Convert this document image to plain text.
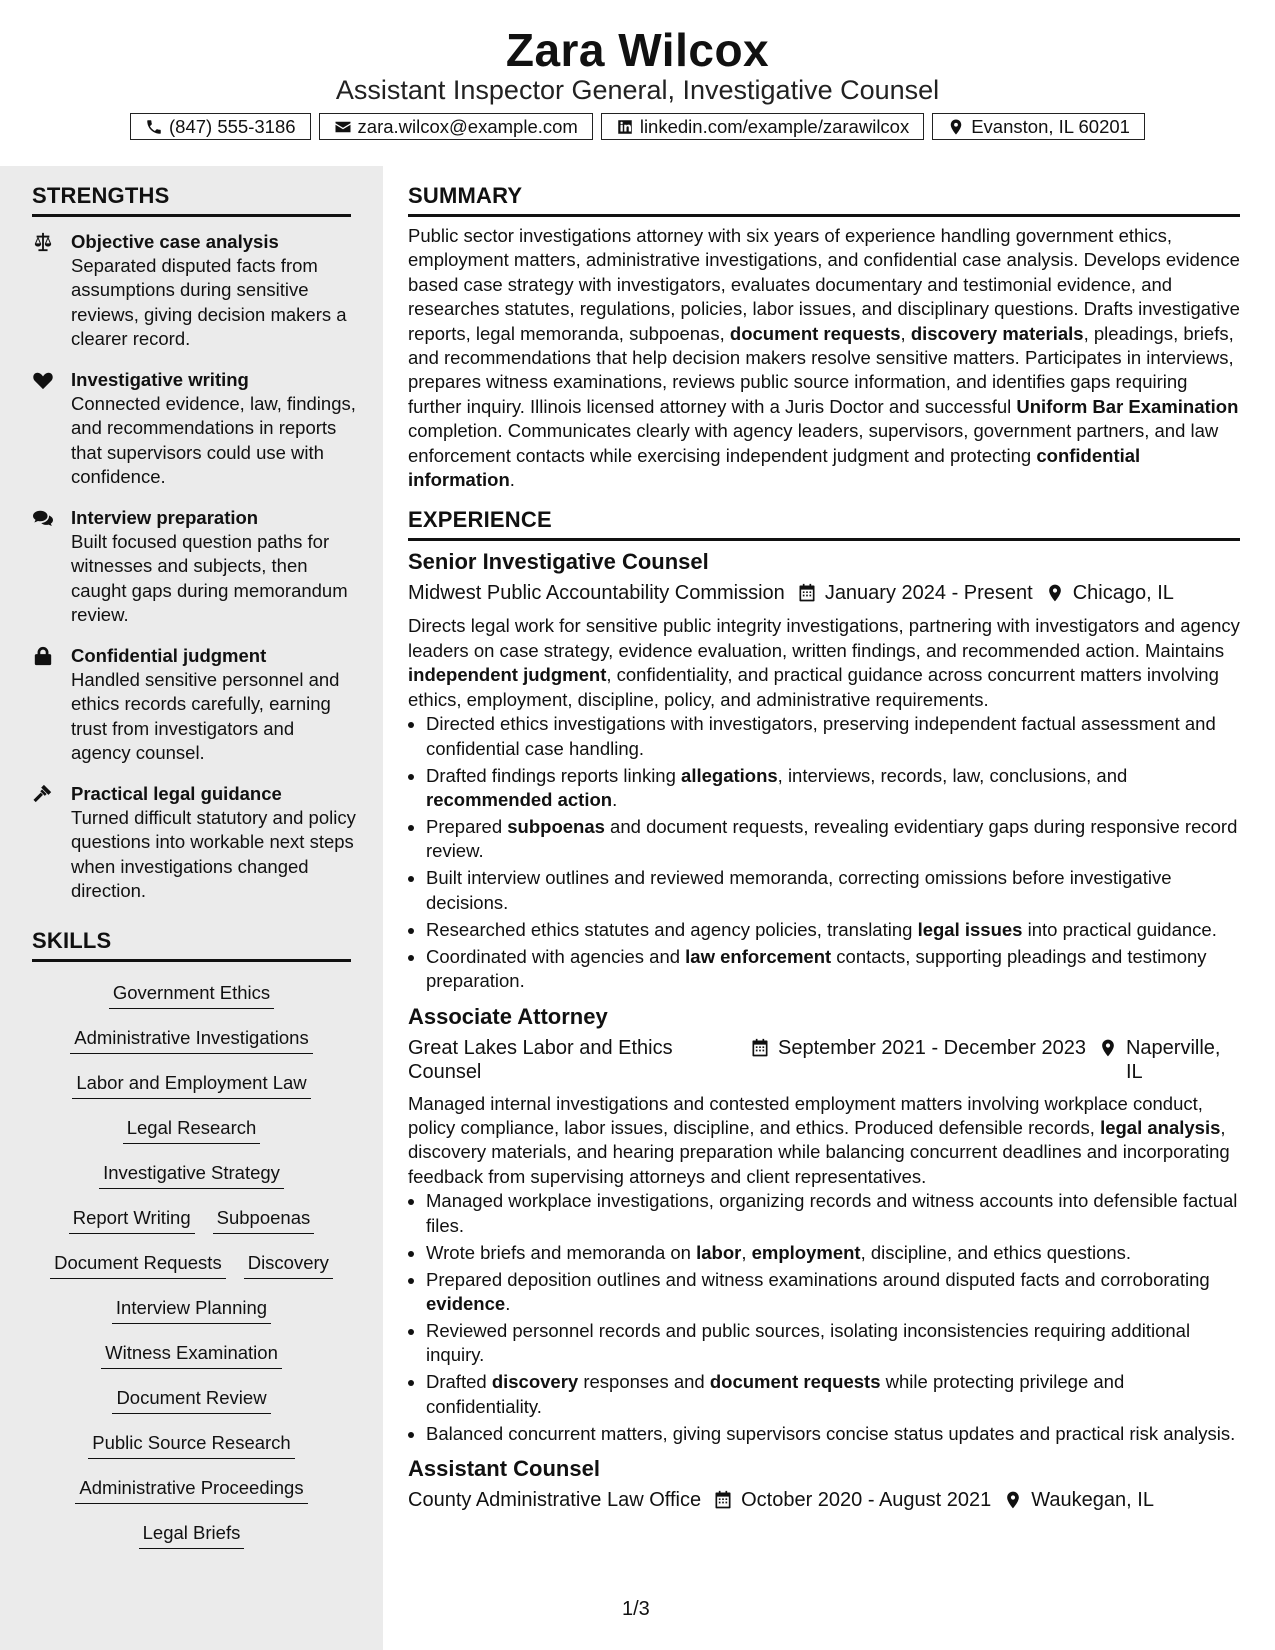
Zara Wilcox
Assistant Inspector General, Investigative Counsel
(847) 555-3186	zara.wilcox@example.com	linkedin.com/example/zarawilcox	Evanston, IL 60201
STRENGTHS
Objective case analysis
Separated disputed facts from assumptions during sensitive reviews, giving decision makers a clearer record.
Investigative writing
Connected evidence, law, findings, and recommendations in reports that supervisors could use with confidence.
Interview preparation
Built focused question paths for witnesses and subjects, then caught gaps during memorandum review.
Confidential judgment
Handled sensitive personnel and ethics records carefully, earning trust from investigators and agency counsel.
Practical legal guidance
Turned difficult statutory and policy questions into workable next steps when investigations changed direction.
SKILLS
Government Ethics
Administrative Investigations
Labor and Employment Law
Legal Research
Investigative Strategy
Report Writing Subpoenas
Document Requests Discovery
Interview Planning
Witness Examination
Document Review
Public Source Research
Administrative Proceedings
Legal Briefs
SUMMARY

Public sector investigations attorney with six years of experience handling government ethics, employment matters, administrative investigations, and confidential case analysis. Develops evidence based case strategy with investigators, evaluates documentary and testimonial evidence, and researches statutes, regulations, policies, labor issues, and disciplinary questions. Drafts investigative reports, legal memoranda, subpoenas, document requests, discovery materials, pleadings, briefs, and recommendations that help decision makers resolve sensitive matters. Participates in interviews, prepares witness examinations, reviews public source information, and identifies gaps requiring further inquiry. Illinois licensed attorney with a Juris Doctor and successful Uniform Bar Examination completion. Communicates clearly with agency leaders, supervisors, government partners, and law enforcement contacts while exercising independent judgment and protecting confidential information.

EXPERIENCE
Senior Investigative Counsel
Midwest Public Accountability Commission January 2024 - Present Chicago, IL

Directs legal work for sensitive public integrity investigations, partnering with investigators and agency leaders on case strategy, evidence evaluation, written findings, and recommended action. Maintains independent judgment, confidentiality, and practical guidance across concurrent matters involving ethics, employment, discipline, policy, and administrative requirements.

• Directed ethics investigations with investigators, preserving independent factual assessment and confidential case handling.
• Drafted findings reports linking allegations, interviews, records, law, conclusions, and recommended action.
• Prepared subpoenas and document requests, revealing evidentiary gaps during responsive record review.
• Built interview outlines and reviewed memoranda, correcting omissions before investigative decisions.
• Researched ethics statutes and agency policies, translating legal issues into practical guidance.
• Coordinated with agencies and law enforcement contacts, supporting pleadings and testimony preparation.
Associate Attorney
Great Lakes Labor and Ethics Counsel
September 2021 - December 2023 Naperville, IL

Managed internal investigations and contested employment matters involving workplace conduct, policy compliance, labor issues, discipline, and ethics. Produced defensible records, legal analysis, discovery materials, and hearing preparation while balancing concurrent deadlines and incorporating feedback from supervising attorneys and client representatives.

• Managed workplace investigations, organizing records and witness accounts into defensible factual files.
• Wrote briefs and memoranda on labor, employment, discipline, and ethics questions.
• Prepared deposition outlines and witness examinations around disputed facts and corroborating evidence.
• Reviewed personnel records and public sources, isolating inconsistencies requiring additional inquiry.
• Drafted discovery responses and document requests while protecting privilege and confidentiality.
• Balanced concurrent matters, giving supervisors concise status updates and practical risk analysis.
Assistant Counsel
County Administrative Law Office October 2020 - August 2021 Waukegan, IL
1/3
